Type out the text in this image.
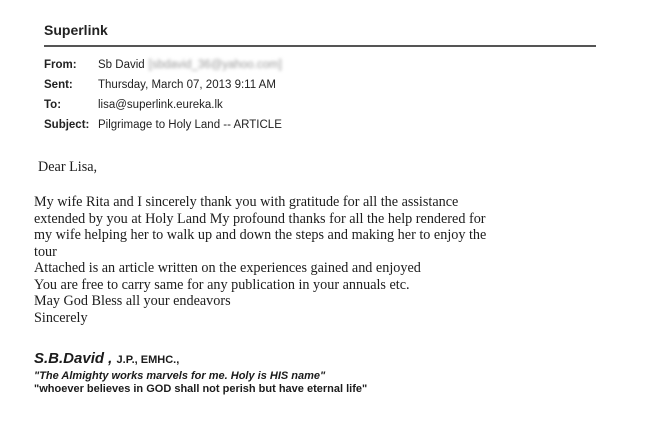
Superlink
From: Sb David [sbdavid_36@yahoo.com]
Sent: Thursday, March 07, 2013 9:11 AM
To:	lisa@superlink.eureka.lk
Subject: Pilgrimage to Holy Land -- ARTICLE
Dear Lisa,
My wife Rita and I sincerely thank you with gratitude for all the assistance
extended by you at Holy Land My profound thanks for all the help rendered for
my wife helping her to walk up and down the steps and making her to enjoy the
tour
Attached is an article written on the experiences gained and enjoyed
You are free to carry same for any publication in your annuals etc.
May God Bless all your endeavors
Sincerely
S.B.David , J.P., EMHC.,
"The Almighty works marvels for me. Holy is HIS name"
"whoever believes in GOD shall not perish but have eternal life"
